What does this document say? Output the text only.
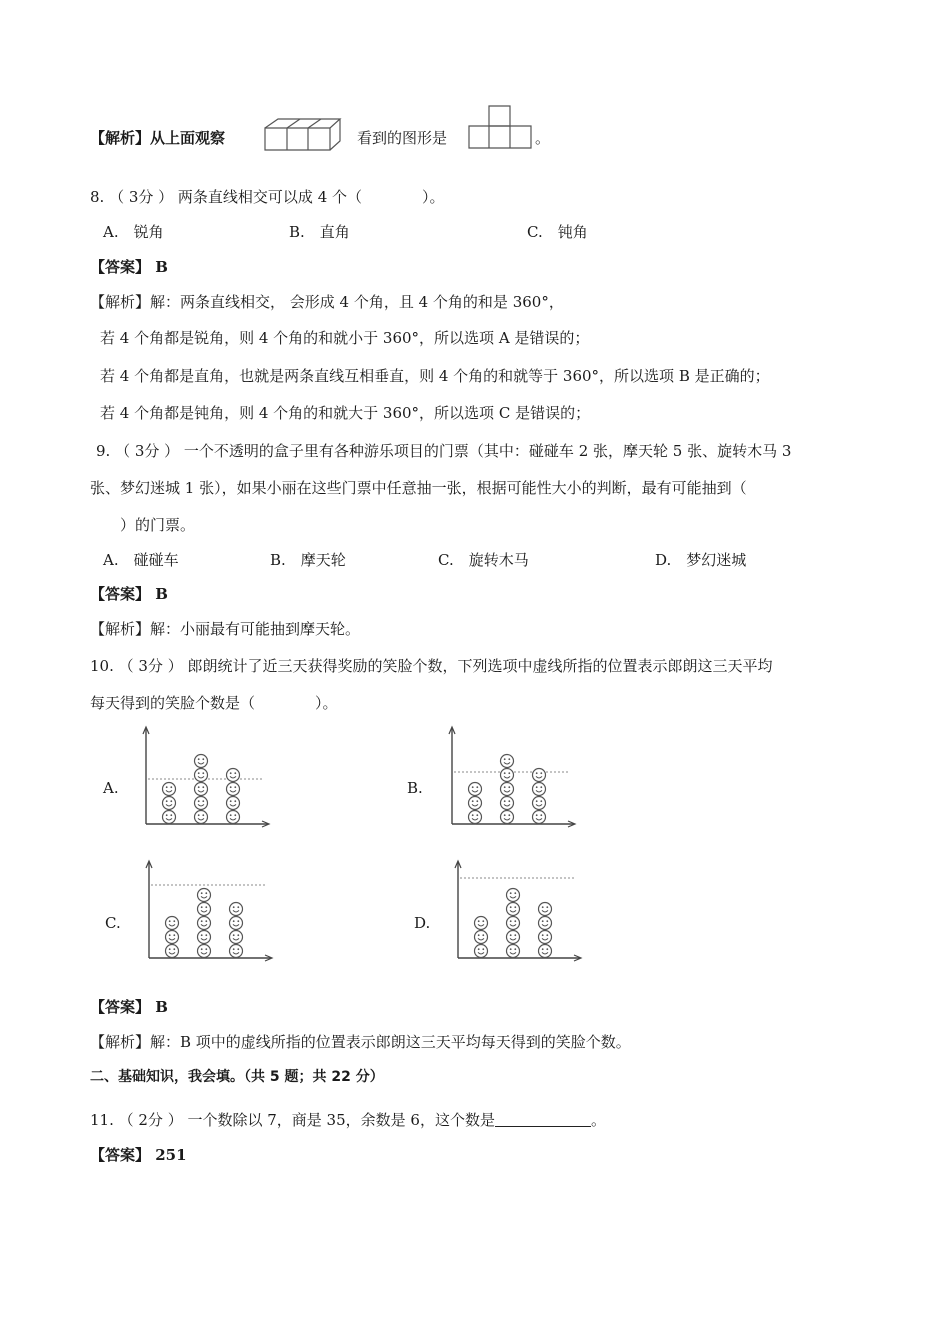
【解析】从上面观察	看到的图形是	。
8. （ 3分 ） 两条直线相交可以成 4 个（　　　　）。
A.　锐角	B.　直角	C.　钝角
【答案】 B
【解析】解：两条直线相交， 会形成 4 个角，且 4 个角的和是 360°，
若 4 个角都是锐角，则 4 个角的和就小于 360°，所以选项 A 是错误的；
若 4 个角都是直角，也就是两条直线互相垂直，则 4 个角的和就等于 360°，所以选项 B 是正确的；
若 4 个角都是钝角，则 4 个角的和就大于 360°，所以选项 C 是错误的；
9. （ 3分 ） 一个不透明的盒子里有各种游乐项目的门票（其中：碰碰车 2 张，摩天轮 5 张、旋转木马 3
张、梦幻迷城 1 张），如果小丽在这些门票中任意抽一张，根据可能性大小的判断，最有可能抽到（
　　）的门票。
A.　碰碰车	B.　摩天轮	C.　旋转木马	D.　梦幻迷城
【答案】 B
【解析】解：小丽最有可能抽到摩天轮。
10. （ 3分 ） 郎朗统计了近三天获得奖励的笑脸个数，下列选项中虚线所指的位置表示郎朗这三天平均
每天得到的笑脸个数是（　　　　）。
A.	B.
C.	D.
【答案】 B
【解析】解：B 项中的虚线所指的位置表示郎朗这三天平均每天得到的笑脸个数。
二、基础知识，我会填。（共 5 题；共 22 分）
11. （ 2分 ） 一个数除以 7，商是 35，余数是 6，这个数是	。
【答案】 251
